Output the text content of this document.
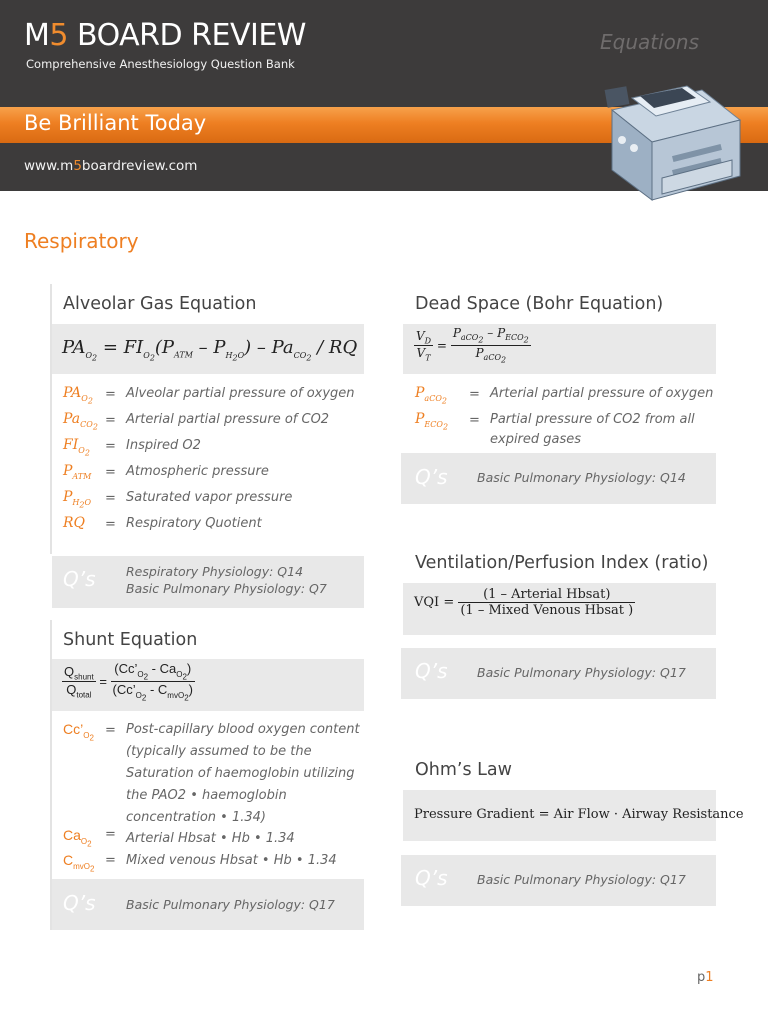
M5 BOARD REVIEW
Comprehensive Anesthesiology Question Bank
Equations
Be Brilliant Today
www.m5boardreview.com
Respiratory
Alveolar Gas Equation
$PA_{O_2} = FI_{O_2}(P_{ATM} - P_{H_2O}) - Pa_{CO_2}$ / RQ
$PA_{O_2}$
$Pa_{CO_2}$
$FI_{O_2}$
$P_{ATM}$
$P_{H_2O}$
RQ
=
=
=
=
=
=
Alveolar partial pressure of oxygen
Arterial partial pressure of CO2
Inspired O2
Atmospheric pressure
Saturated vapor pressure
Respiratory Quotient
Q’s Respiratory Physiology: Q14
Basic Pulmonary Physiology: Q7
Shunt Equation
$\frac{Q_{shunt}}{Q_{total}} = \frac{(Cc’_{O_2} - Ca_{O_2})}{(Cc’_{O_2} - C_{mvO_2})}$
$Cc’_{O_2}$
$Ca_{O_2}$
$C_{mvO_2}$
=
=
=
Post-capillary blood oxygen content
(typically assumed to be the
Saturation of haemoglobin utilizing
the PAO2 • haemoglobin
concentration • 1.34)
Arterial Hbsat • Hb • 1.34
Mixed venous Hbsat • Hb • 1.34
Q’s Basic Pulmonary Physiology: Q17
Dead Space (Bohr Equation)
$\frac{V_D}{V_T} = \frac{P_{aCO_2} - P_{ECO_2}}{P_{aCO_2}}$
$P_{aCO_2}$
$P_{ECO_2}$
=
=
Arterial partial pressure of oxygen
Partial pressure of CO2 from all
expired gases
Q’s Basic Pulmonary Physiology: Q14
Ventilation/Perfusion Index (ratio)
VQI = $\frac{\text{(1 – Arterial Hbsat)}}{\text{(1 – Mixed Venous Hbsat )}}$
Q’s Basic Pulmonary Physiology: Q17
Ohm’s Law
Pressure Gradient = Air Flow · Airway Resistance
Q’s Basic Pulmonary Physiology: Q17
p1
